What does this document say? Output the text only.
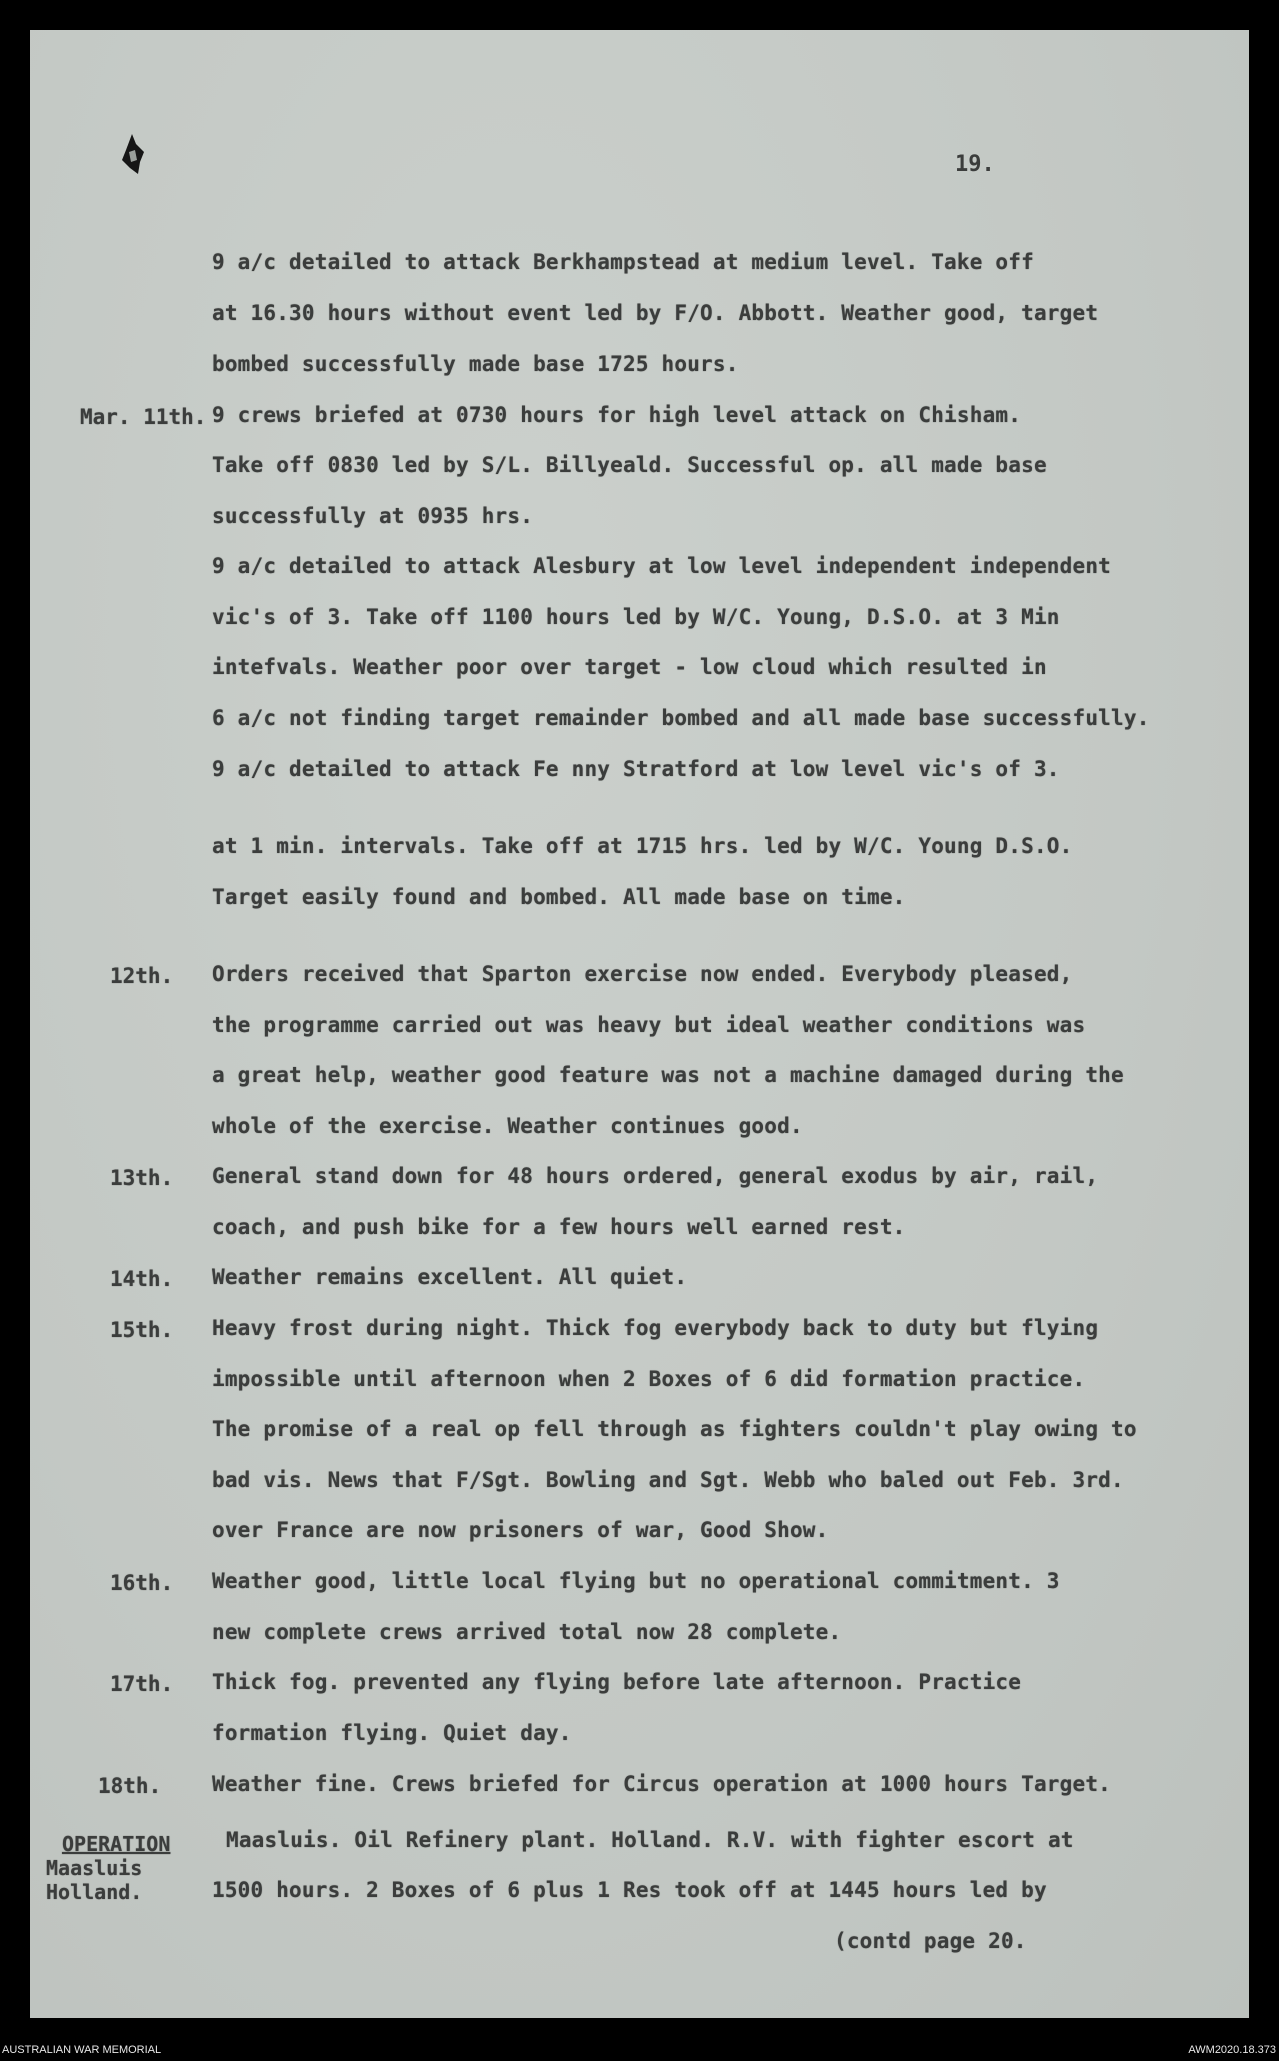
19.
9 a/c detailed to attack Berkhampstead at medium level. Take off
at 16.30 hours without event led by F/O. Abbott. Weather good, target
bombed successfully made base 1725 hours.
Mar. 11th. 9 crews briefed at 0730 hours for high level attack on Chisham.
Take off 0830 led by S/L. Billyeald. Successful op. all made base
successfully at 0935 hrs.
9 a/c detailed to attack Alesbury at low level independent independent
vic's of 3. Take off 1100 hours led by W/C. Young, D.S.O. at 3 Min
intefvals. Weather poor over target - low cloud which resulted in
6 a/c not finding target remainder bombed and all made base successfully.
9 a/c detailed to attack Fe nny Stratford at low level vic's of 3.
at 1 min. intervals. Take off at 1715 hrs. led by W/C. Young D.S.O.
Target easily found and bombed. All made base on time.
12th. Orders received that Sparton exercise now ended. Everybody pleased,
the programme carried out was heavy but ideal weather conditions was
a great help, weather good feature was not a machine damaged during the
whole of the exercise. Weather continues good.
13th. General stand down for 48 hours ordered, general exodus by air, rail,
coach, and push bike for a few hours well earned rest.
14th. Weather remains excellent. All quiet.
15th. Heavy frost during night. Thick fog everybody back to duty but flying
impossible until afternoon when 2 Boxes of 6 did formation practice.
The promise of a real op fell through as fighters couldn't play owing to
bad vis. News that F/Sgt. Bowling and Sgt. Webb who baled out Feb. 3rd.
over France are now prisoners of war, Good Show.
16th. Weather good, little local flying but no operational commitment. 3
new complete crews arrived total now 28 complete.
17th. Thick fog. prevented any flying before late afternoon. Practice
formation flying. Quiet day.
18th. Weather fine. Crews briefed for Circus operation at 1000 hours Target.
OPERATION
Maasluis
Holland.
Maasluis. Oil Refinery plant. Holland. R.V. with fighter escort at
1500 hours. 2 Boxes of 6 plus 1 Res took off at 1445 hours led by
(contd page 20.
AUSTRALIAN WAR MEMORIAL	AWM2020.18.373
